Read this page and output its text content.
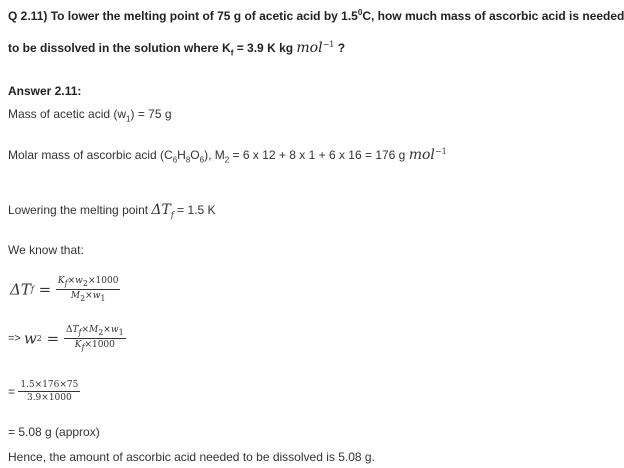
Q 2.11) To lower the melting point of 75 g of acetic acid by $1.5^0C$, how much mass of ascorbic acid is needed
to be dissolved in the solution where $K_f = 3.9$ K kg mol$^{-1}$ ?
Answer 2.11:
Mass of acetic acid $(w_1) = 75$ g
Molar mass of ascorbic acid $(C_6H_8O_6)$, $M_2 = 6$ x 12 + 8 x 1 + 6 x 16 = 176 g mol$^{-1}$
Lowering the melting point $\Delta T_f = 1.5$ K
We know that:
$\Delta Tf = \frac{K_f\times w_2\times 1000}{M_2\times w_1}$
=> $w2 = \frac{\Delta T_f\times M_2\times w_1}{K_f\times 1000}$
= $\frac{1.5\times 176\times 75}{3.9\times 1000}$
= 5.08 g (approx)
Hence, the amount of ascorbic acid needed to be dissolved is 5.08 g.
